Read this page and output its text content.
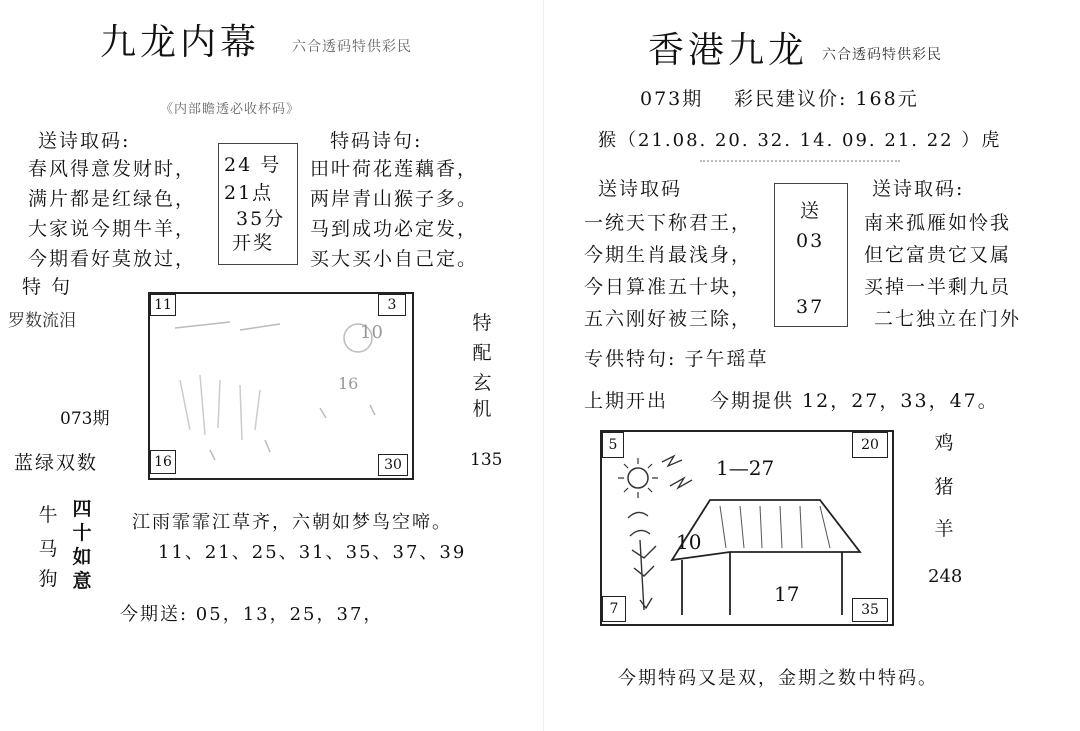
九龙内幕 六合透码特供彩民
《内部瞻透必收杯码》
送诗取码:	特码诗句:
春风得意发财时，
满片都是红绿色，
大家说今期牛羊，
今期看好莫放过，
24 号
21点
35分
开奖
田叶荷花莲藕香，
两岸青山猴子多。
马到成功必定发，
买大买小自己定。
特 句
罗数流泪
073期
蓝绿双数
11	3
16	30
10
16
特
配
玄
机
135
牛
马
狗
四
十
如
意
江雨霏霏江草齐，六朝如梦鸟空啼。
11、21、25、31、35、37、39
今期送: 05，13，25，37，
香港九龙 六合透码特供彩民
073期 彩民建议价: 168元
猴（21.08. 20. 32. 14. 09. 21. 22 ）虎
送诗取码	送诗取码:
一统天下称君王，
今期生肖最浅身，
今日算准五十块，
五六刚好被三除，
送
03
37
南来孤雁如怜我
但它富贵它又属
买掉一半剩九员
二七独立在门外
专供特句: 子午瑶草
上期开出 今期提供 12，27，33，47。
5	20
7	35
1—27
10
17
鸡
猪
羊
248
今期特码又是双，金期之数中特码。
